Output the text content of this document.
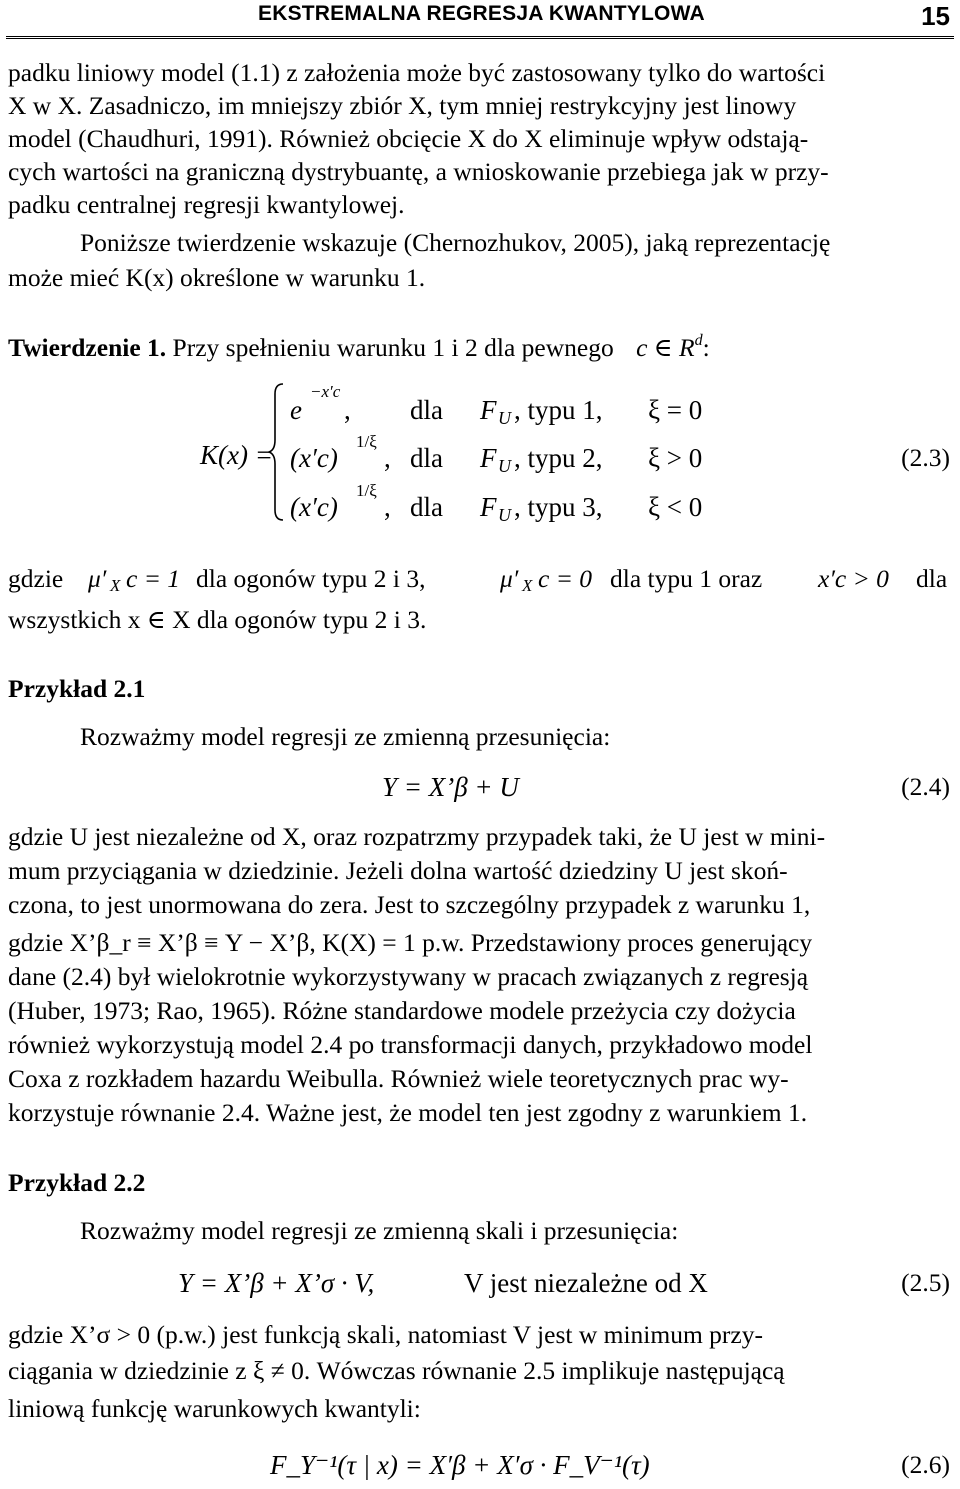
EKSTREMALNA REGRESJA KWANTYLOWA	15
padku liniowy model (1.1) z założenia może być zastosowany tylko do wartości
X w X. Zasadniczo, im mniejszy zbiór X, tym mniej restrykcyjny jest linowy
model (Chaudhuri, 1991). Również obcięcie X do X eliminuje wpływ odstają-
cych wartości na graniczną dystrybuantę, a wnioskowanie przebiega jak w przy-
padku centralnej regresji kwantylowej.
Poniższe twierdzenie wskazuje (Chernozhukov, 2005), jaką reprezentację
może mieć K(x) określone w warunku 1.
Twierdzenie 1. Przy spełnieniu warunku 1 i 2 dla pewnego c ∈ $R^d$:
K(x) =
e
−x′c
, dla F U , typu 1, ξ = 0
(x′c)
1/ξ
, dla F U , typu 2, ξ > 0
(x′c)
1/ξ
, dla F U , typu 3, ξ < 0
(2.3)
gdzie μ′ X c = 1 dla ogonów typu 2 i 3,	μ′ X c = 0 dla typu 1 oraz x′c > 0 dla
wszystkich x ∈ X dla ogonów typu 2 i 3.
Przykład 2.1
Rozważmy model regresji ze zmienną przesunięcia:
Y = X’β + U	(2.4)
gdzie U jest niezależne od X, oraz rozpatrzmy przypadek taki, że U jest w mini-
mum przyciągania w dziedzinie. Jeżeli dolna wartość dziedziny U jest skoń-
czona, to jest unormowana do zera. Jest to szczególny przypadek z warunku 1,
gdzie X’β_r ≡ X’β ≡ Y − X’β, K(X) = 1 p.w. Przedstawiony proces generujący
dane (2.4) był wielokrotnie wykorzystywany w pracach związanych z regresją
(Huber, 1973; Rao, 1965). Różne standardowe modele przeżycia czy dożycia
również wykorzystują model 2.4 po transformacji danych, przykładowo model
Coxa z rozkładem hazardu Weibulla. Również wiele teoretycznych prac wy-
korzystuje równanie 2.4. Ważne jest, że model ten jest zgodny z warunkiem 1.
Przykład 2.2
Rozważmy model regresji ze zmienną skali i przesunięcia:
Y = X’β + X’σ · V,	V jest niezależne od X	(2.5)
gdzie X’σ > 0 (p.w.) jest funkcją skali, natomiast V jest w minimum przy-
ciągania w dziedzinie z ξ ≠ 0. Wówczas równanie 2.5 implikuje następującą
liniową funkcję warunkowych kwantyli:
F_Y⁻¹(τ | x) = X′β + X′σ · F_V⁻¹(τ)	(2.6)
